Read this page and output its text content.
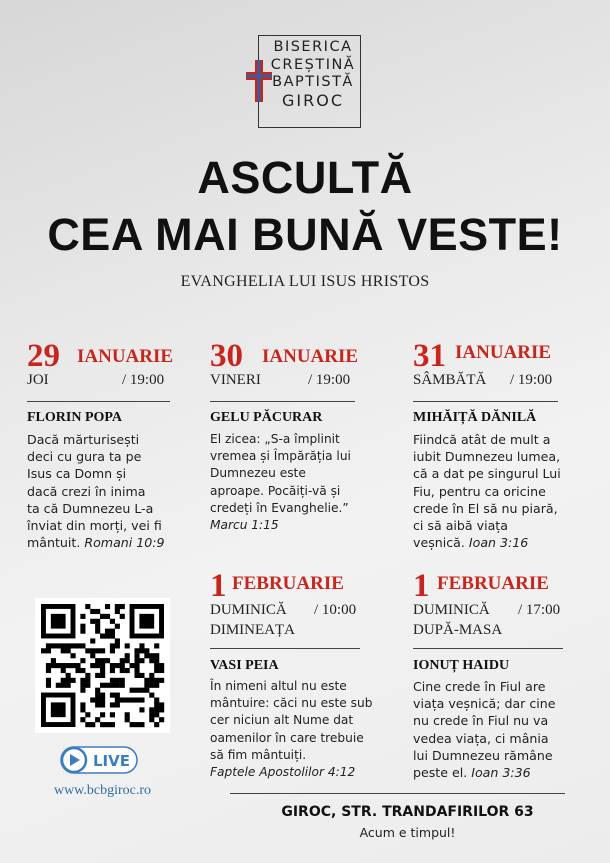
BISERICA
CREȘTINĂ
BAPTISTĂ
GIROC
ASCULTĂ
CEA MAI BUNĂ VESTE!
EVANGHELIA LUI ISUS HRISTOS
29 IANUARIE
JOI	/ 19:00
FLORIN POPA
Dacă mărturisești
deci cu gura ta pe
Isus ca Domn și
dacă crezi în inima
ta că Dumnezeu L-a
înviat din morți, vei fi
mântuit. Romani 10:9
30 IANUARIE
VINERI	/ 19:00
GELU PĂCURAR
El zicea: „S-a împlinit
vremea și Împărăția lui
Dumnezeu este
aproape. Pocăiți-vă și
credeți în Evanghelie.”
Marcu 1:15
31 IANUARIE
SÂMBĂTĂ / 19:00
MIHĂIȚĂ DĂNILĂ
Fiindcă atât de mult a
iubit Dumnezeu lumea,
că a dat pe singurul Lui
Fiu, pentru ca oricine
crede în El să nu piară,
ci să aibă viața
veșnică. Ioan 3:16
1 FEBRUARIE
DUMINICĂ / 10:00
DIMINEAȚA
VASI PEIA
În nimeni altul nu este
mântuire: căci nu este sub
cer niciun alt Nume dat
oamenilor în care trebuie
să fim mântuiți.
Faptele Apostolilor 4:12
1 FEBRUARIE
DUMINICĂ / 17:00
DUPĂ-MASA
IONUȚ HAIDU
Cine crede în Fiul are
viața veșnică; dar cine
nu crede în Fiul nu va
vedea viața, ci mânia
lui Dumnezeu rămâne
peste el. Ioan 3:36
LIVE
www.bcbgiroc.ro
GIROC, STR. TRANDAFIRILOR 63
Acum e timpul!
